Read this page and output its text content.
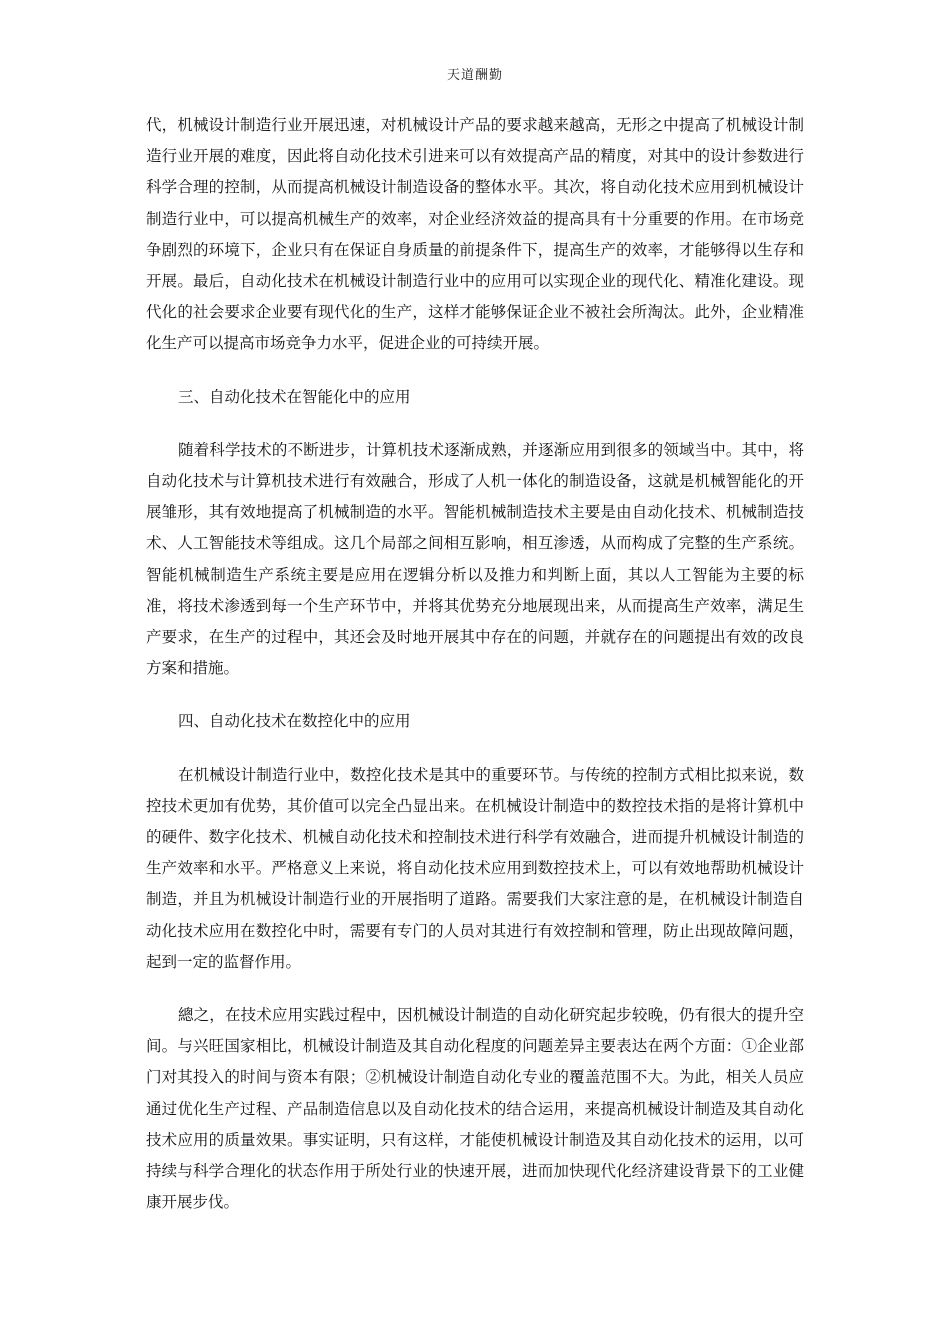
天道酬勤

代，机械设计制造行业开展迅速，对机械设计产品的要求越来越高，无形之中提高了机械设计制造行业开展的难度，因此将自动化技术引进来可以有效提高产品的精度，对其中的设计参数进行科学合理的控制，从而提高机械设计制造设备的整体水平。其次，将自动化技术应用到机械设计制造行业中，可以提高机械生产的效率，对企业经济效益的提高具有十分重要的作用。在市场竞争剧烈的环境下，企业只有在保证自身质量的前提条件下，提高生产的效率，才能够得以生存和开展。最后，自动化技术在机械设计制造行业中的应用可以实现企业的现代化、精准化建设。现代化的社会要求企业要有现代化的生产，这样才能够保证企业不被社会所淘汰。此外，企业精准化生产可以提高市场竞争力水平，促进企业的可持续开展。

三、自动化技术在智能化中的应用

随着科学技术的不断进步，计算机技术逐渐成熟，并逐渐应用到很多的领域当中。其中，将自动化技术与计算机技术进行有效融合，形成了人机一体化的制造设备，这就是机械智能化的开展雏形，其有效地提高了机械制造的水平。智能机械制造技术主要是由自动化技术、机械制造技术、人工智能技术等组成。这几个局部之间相互影响，相互渗透，从而构成了完整的生产系统。智能机械制造生产系统主要是应用在逻辑分析以及推力和判断上面，其以人工智能为主要的标准，将技术渗透到每一个生产环节中，并将其优势充分地展现出来，从而提高生产效率，满足生产要求，在生产的过程中，其还会及时地开展其中存在的问题，并就存在的问题提出有效的改良方案和措施。

四、自动化技术在数控化中的应用

在机械设计制造行业中，数控化技术是其中的重要环节。与传统的控制方式相比拟来说，数控技术更加有优势，其价值可以完全凸显出来。在机械设计制造中的数控技术指的是将计算机中的硬件、数字化技术、机械自动化技术和控制技术进行科学有效融合，进而提升机械设计制造的生产效率和水平。严格意义上来说，将自动化技术应用到数控技术上，可以有效地帮助机械设计制造，并且为机械设计制造行业的开展指明了道路。需要我们大家注意的是，在机械设计制造自动化技术应用在数控化中时，需要有专门的人员对其进行有效控制和管理，防止出现故障问题，起到一定的监督作用。

總之，在技术应用实践过程中，因机械设计制造的自动化研究起步较晚，仍有很大的提升空间。与兴旺国家相比，机械设计制造及其自动化程度的问题差异主要表达在两个方面：①企业部门对其投入的时间与资本有限；②机械设计制造自动化专业的覆盖范围不大。为此，相关人员应通过优化生产过程、产品制造信息以及自动化技术的结合运用，来提高机械设计制造及其自动化技术应用的质量效果。事实证明，只有这样，才能使机械设计制造及其自动化技术的运用，以可持续与科学合理化的状态作用于所处行业的快速开展，进而加快现代化经济建设背景下的工业健康开展步伐。
